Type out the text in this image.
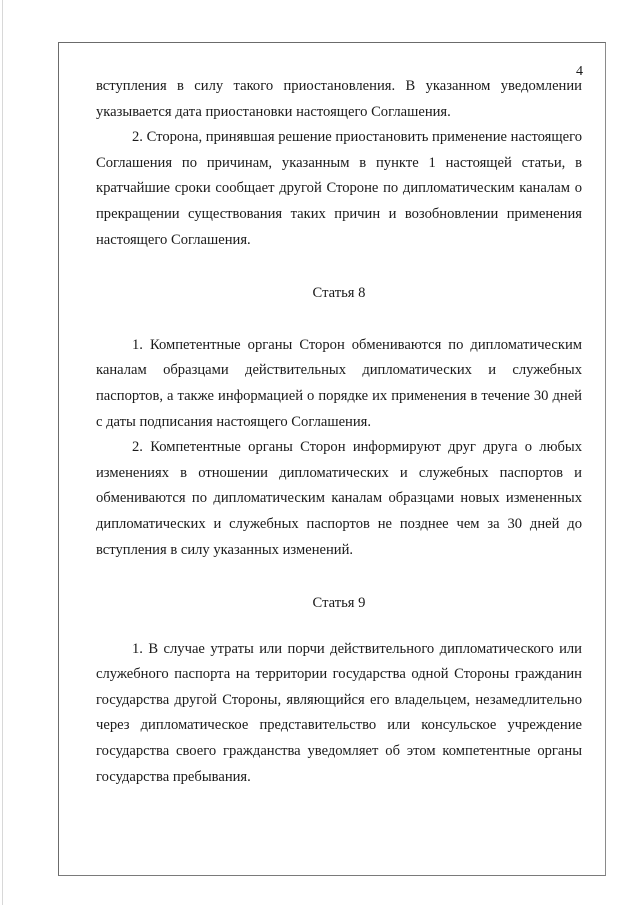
4

вступления в силу такого приостановления. В указанном уведомлении указывается дата приостановки настоящего Соглашения.

2. Сторона, принявшая решение приостановить применение настоящего Соглашения по причинам, указанным в пункте 1 настоящей статьи, в кратчайшие сроки сообщает другой Стороне по дипломатическим каналам о прекращении существования таких причин и возобновлении применения настоящего Соглашения.

Статья 8

1. Компетентные органы Сторон обмениваются по дипломатическим каналам образцами действительных дипломатических и служебных паспортов, а также информацией о порядке их применения в течение 30 дней с даты подписания настоящего Соглашения.

2. Компетентные органы Сторон информируют друг друга о любых изменениях в отношении дипломатических и служебных паспортов и обмениваются по дипломатическим каналам образцами новых измененных дипломатических и служебных паспортов не позднее чем за 30 дней до вступления в силу указанных изменений.

Статья 9

1. В случае утраты или порчи действительного дипломатического или служебного паспорта на территории государства одной Стороны гражданин государства другой Стороны, являющийся его владельцем, незамедлительно через дипломатическое представительство или консульское учреждение государства своего гражданства уведомляет об этом компетентные органы государства пребывания.
